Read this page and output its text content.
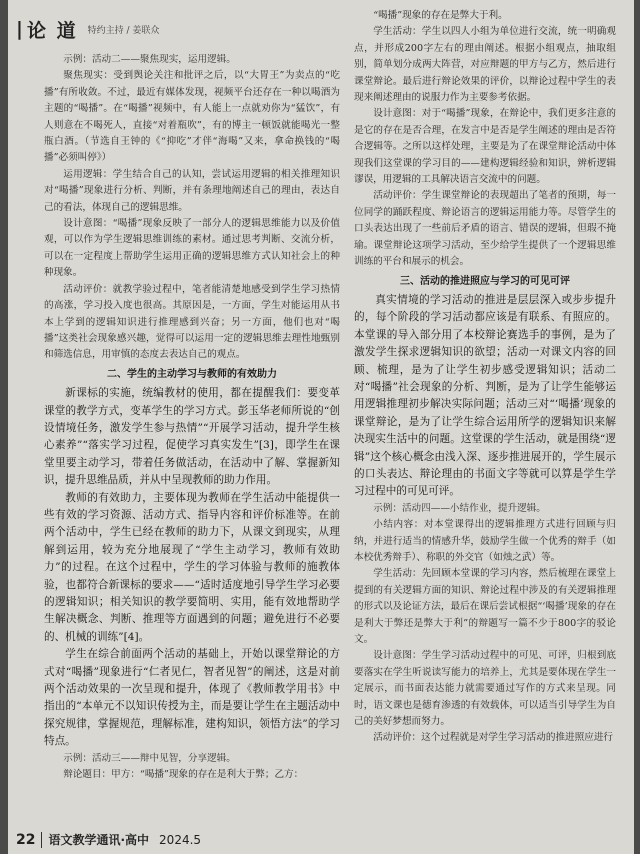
| 论 道 特约主持 / 姜联众

示例：活动二——聚焦现实，运用逻辑。

聚焦现实：受到舆论关注和批评之后，以“大胃王”为卖点的“吃播”有所收敛。不过，最近有媒体发现，视频平台还存在一种以喝酒为主题的“喝播”。在“喝播”视频中，有人能上一点就劝你为“猛饮”，有人则意在不喝死人，直接“对着瓶吹”，有的博主一顿饭就能喝光一整瓶白酒。（节选自王钟的《“抑吃”才伴“海喝”又来，拿命换钱的“喝播”必须叫停》）

运用逻辑：学生结合自己的认知，尝试运用逻辑的相关推理知识对“喝播”现象进行分析、判断，并有条理地阐述自己的理由，表达自己的看法，体现自己的逻辑思维。

设计意图：“喝播”现象反映了一部分人的逻辑思维能力以及价值观，可以作为学生逻辑思维训练的素材。通过思考判断、交流分析，可以在一定程度上帮助学生运用正确的逻辑思维方式认知社会上的种种现象。

活动评价：就教学验过程中，笔者能清楚地感受到学生学习热情的高涨，学习投入度也很高。其原因是，一方面，学生对能运用从书本上学到的逻辑知识进行推理感到兴奋；另一方面，他们也对“喝播”这类社会现象感兴趣，觉得可以运用一定的逻辑思维去理性地甄别和筛选信息，用审慎的态度去表达自己的观点。

二、学生的主动学习与教师的有效助力

新课标的实施，统编教材的使用，都在提醒我们：要变革课堂的教学方式，变革学生的学习方式。彭玉华老师所说的“创设情境任务，激发学生参与热情”“开展学习活动，提升学生核心素养”“落实学习过程，促使学习真实发生”[3]，即学生在课堂里要主动学习，带着任务做活动，在活动中了解、掌握新知识，提升思维品质，并从中呈现教师的助力作用。

教师的有效助力，主要体现为教师在学生活动中能提供一些有效的学习资源、活动方式、指导内容和评价标准等。在前两个活动中，学生已经在教师的助力下，从课文到现实，从理解到运用，较为充分地展现了“学生主动学习，教师有效助力”的过程。在这个过程中，学生的学习体验与教师的施教体验，也都符合新课标的要求——“适时适度地引导学生学习必要的逻辑知识；相关知识的教学要简明、实用，能有效地帮助学生解决概念、判断、推理等方面遇到的问题；避免进行不必要的、机械的训练”[4]。

学生在综合前面两个活动的基础上，开始以课堂辩论的方式对“喝播”现象进行“仁者见仁，智者见智”的阐述，这是对前两个活动效果的一次呈现和提升，体现了《教师教学用书》中指出的“本单元不以知识传授为主，而是要让学生在主题活动中探究规律，掌握规范，理解标准，建构知识，领悟方法”的学习特点。

示例：活动三——辩中见智，分享逻辑。

辩论题目：甲方：“喝播”现象的存在是利大于弊；乙方：

“喝播”现象的存在是弊大于利。

学生活动：学生以四人小组为单位进行交流，统一明确观点，并形成200字左右的理由阐述。根据小组观点，抽取组别，简单划分成两大阵营，对应辩题的甲方与乙方，然后进行课堂辩论。最后进行辩论效果的评价，以辩论过程中学生的表现来阐述理由的说服力作为主要参考依据。

设计意图：对于“喝播”现象，在辩论中，我们更多注意的是它的存在是否合理，在发言中是否是学生阐述的理由是否符合逻辑等。之所以这样处理，主要是为了在课堂辩论活动中体现我们这堂课的学习目的——建构逻辑经验和知识，辨析逻辑谬误，用逻辑的工具解决语言交流中的问题。

活动评价：学生课堂辩论的表现超出了笔者的预期，每一位同学的踊跃程度、辩论语言的逻辑运用能力等。尽管学生的口头表达出现了一些前后矛盾的语言、错误的逻辑，但瑕不掩瑜。课堂辩论这项学习活动，至少给学生提供了一个逻辑思维训练的平台和展示的机会。

三、活动的推进照应与学习的可见可评

真实情境的学习活动的推进是层层深入或步步提升的，每个阶段的学习活动都应该是有联系、有照应的。本堂课的导入部分用了本校辩论赛选手的事例，是为了激发学生探求逻辑知识的欲望；活动一对课文内容的回顾、梳理，是为了让学生初步感受逻辑知识；活动二对“喝播”社会现象的分析、判断，是为了让学生能够运用逻辑推理初步解决实际问题；活动三对“‘喝播’现象的课堂辩论，是为了让学生综合运用所学的逻辑知识来解决现实生活中的问题。这堂课的学生活动，就是围绕“逻辑”这个核心概念由浅入深、逐步推进展开的，学生展示的口头表达、辩论理由的书面文字等就可以算是学生学习过程中的可见可评。

示例：活动四——小结作业，提升逻辑。

小结内容：对本堂课得出的逻辑推理方式进行回顾与归纳，并进行适当的情感升华，鼓励学生做一个优秀的辩手（如本校优秀辩手）、称职的外交官（如烛之武）等。

学生活动：先回顾本堂课的学习内容，然后梳理在课堂上提到的有关逻辑方面的知识、辩论过程中涉及的有关逻辑推理的形式以及论证方法，最后在课后尝试根据“‘喝播’现象的存在是利大于弊还是弊大于利”的辩题写一篇不少于800字的驳论文。

设计意图：学生学习活动过程中的可见、可评，归根到底要落实在学生听说读写能力的培养上，尤其是要体现在学生一定展示，而书面表达能力就需要通过写作的方式来呈现。同时，语文课也是德育渗透的有效载体，可以适当引导学生为自己的美好梦想而努力。

活动评价：这个过程就是对学生学习活动的推进照应进行

22 语文教学通讯·高中 2024.5
